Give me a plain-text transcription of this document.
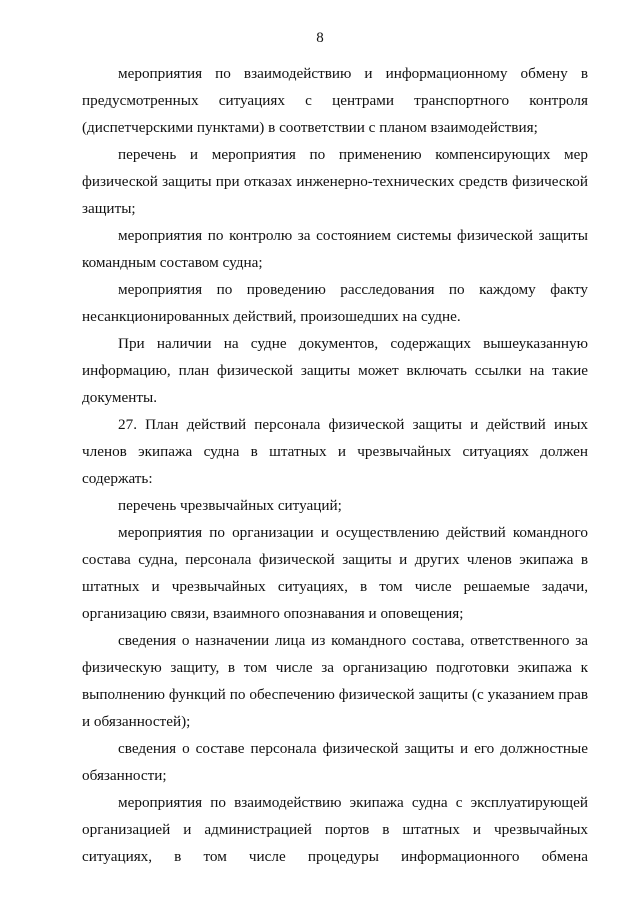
8

мероприятия по взаимодействию и информационному обмену в предусмотренных ситуациях с центрами транспортного контроля (диспетчерскими пунктами) в соответствии с планом взаимодействия;

перечень и мероприятия по применению компенсирующих мер физической защиты при отказах инженерно-технических средств физической защиты;

мероприятия по контролю за состоянием системы физической защиты командным составом судна;

мероприятия по проведению расследования по каждому факту несанкционированных действий, произошедших на судне.

При наличии на судне документов, содержащих вышеуказанную информацию, план физической защиты может включать ссылки на такие документы.

27. План действий персонала физической защиты и действий иных членов экипажа судна в штатных и чрезвычайных ситуациях должен содержать:

перечень чрезвычайных ситуаций;

мероприятия по организации и осуществлению действий командного состава судна, персонала физической защиты и других членов экипажа в штатных и чрезвычайных ситуациях, в том числе решаемые задачи, организацию связи, взаимного опознавания и оповещения;

сведения о назначении лица из командного состава, ответственного за физическую защиту, в том числе за организацию подготовки экипажа к выполнению функций по обеспечению физической защиты (с указанием прав и обязанностей);

сведения о составе персонала физической защиты и его должностные обязанности;

мероприятия по взаимодействию экипажа судна с эксплуатирующей организацией и администрацией портов в штатных и чрезвычайных ситуациях, в том числе процедуры информационного обмена
